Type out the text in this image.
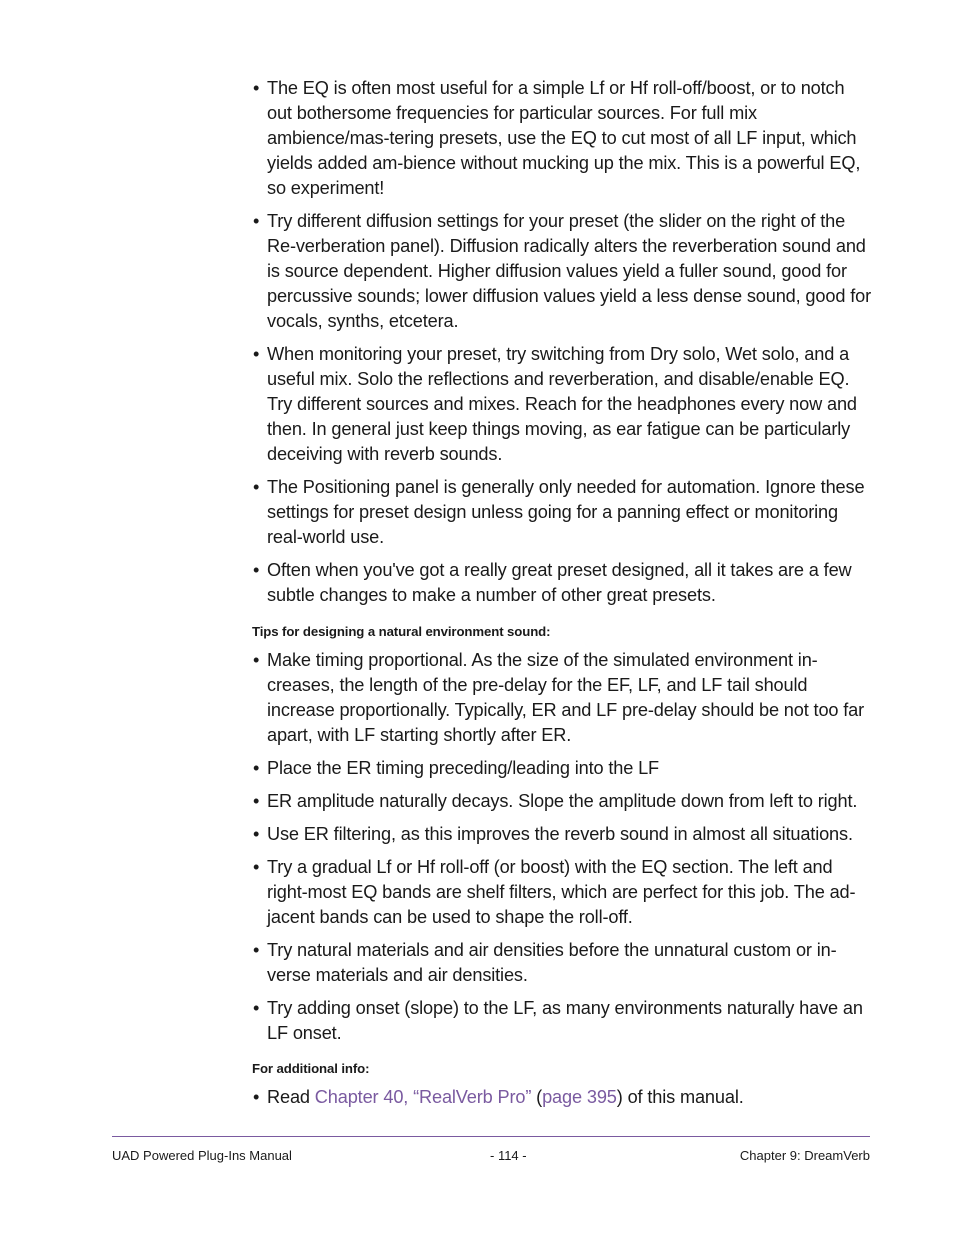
• The EQ is often most useful for a simple Lf or Hf roll-off/boost, or to notch out bothersome frequencies for particular sources. For full mix ambience/mas-tering presets, use the EQ to cut most of all LF input, which yields added am-bience without mucking up the mix. This is a powerful EQ, so experiment!
• Try different diffusion settings for your preset (the slider on the right of the Re-verberation panel). Diffusion radically alters the reverberation sound and is source dependent. Higher diffusion values yield a fuller sound, good for percussive sounds; lower diffusion values yield a less dense sound, good for vocals, synths, etcetera.
• When monitoring your preset, try switching from Dry solo, Wet solo, and a useful mix. Solo the reflections and reverberation, and disable/enable EQ. Try different sources and mixes. Reach for the headphones every now and then. In general just keep things moving, as ear fatigue can be particularly deceiving with reverb sounds.
• The Positioning panel is generally only needed for automation. Ignore these settings for preset design unless going for a panning effect or monitoring real-world use.
• Often when you've got a really great preset designed, all it takes are a few subtle changes to make a number of other great presets.
Tips for designing a natural environment sound:
• Make timing proportional. As the size of the simulated environment in-creases, the length of the pre-delay for the EF, LF, and LF tail should increase proportionally. Typically, ER and LF pre-delay should be not too far apart, with LF starting shortly after ER.
• Place the ER timing preceding/leading into the LF
• ER amplitude naturally decays. Slope the amplitude down from left to right.
• Use ER filtering, as this improves the reverb sound in almost all situations.
• Try a gradual Lf or Hf roll-off (or boost) with the EQ section. The left and right-most EQ bands are shelf filters, which are perfect for this job. The ad-jacent bands can be used to shape the roll-off.
• Try natural materials and air densities before the unnatural custom or in-verse materials and air densities.
• Try adding onset (slope) to the LF, as many environments naturally have an LF onset.
For additional info:
• Read Chapter 40, “RealVerb Pro” (page 395) of this manual.
UAD Powered Plug-Ins Manual	- 114 -	Chapter 9: DreamVerb
